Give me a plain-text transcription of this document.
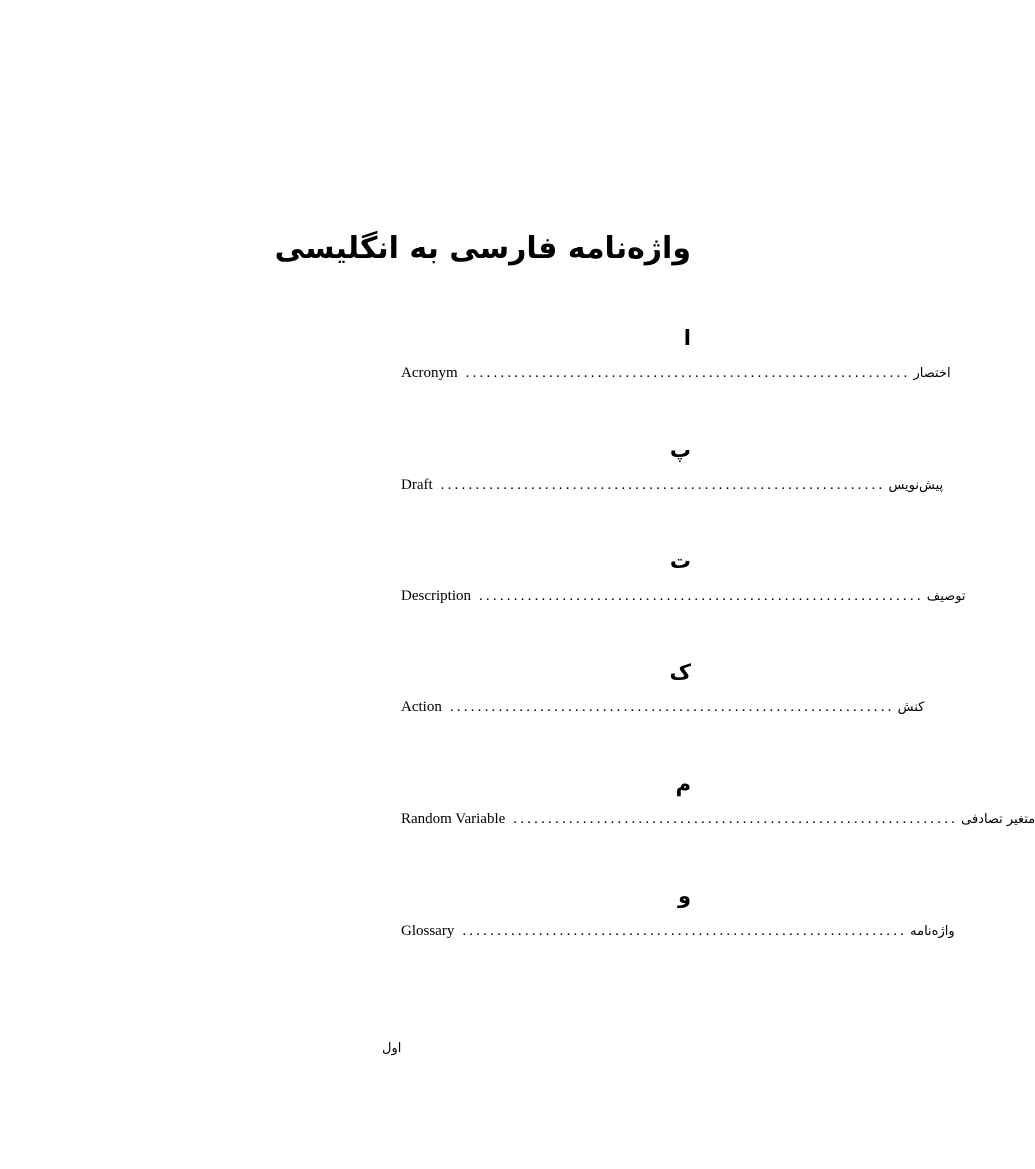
واژه‌نامه فارسی به انگلیسی
ا
Acronym ................................................................ اختصار
پ
Draft ................................................................ پیش‌نویس
ت
Description ................................................................ توصیف
ک
Action ................................................................ کنش
م
Random Variable ................................................................ متغیر تصادفی
و
Glossary ................................................................ واژه‌نامه
اول
